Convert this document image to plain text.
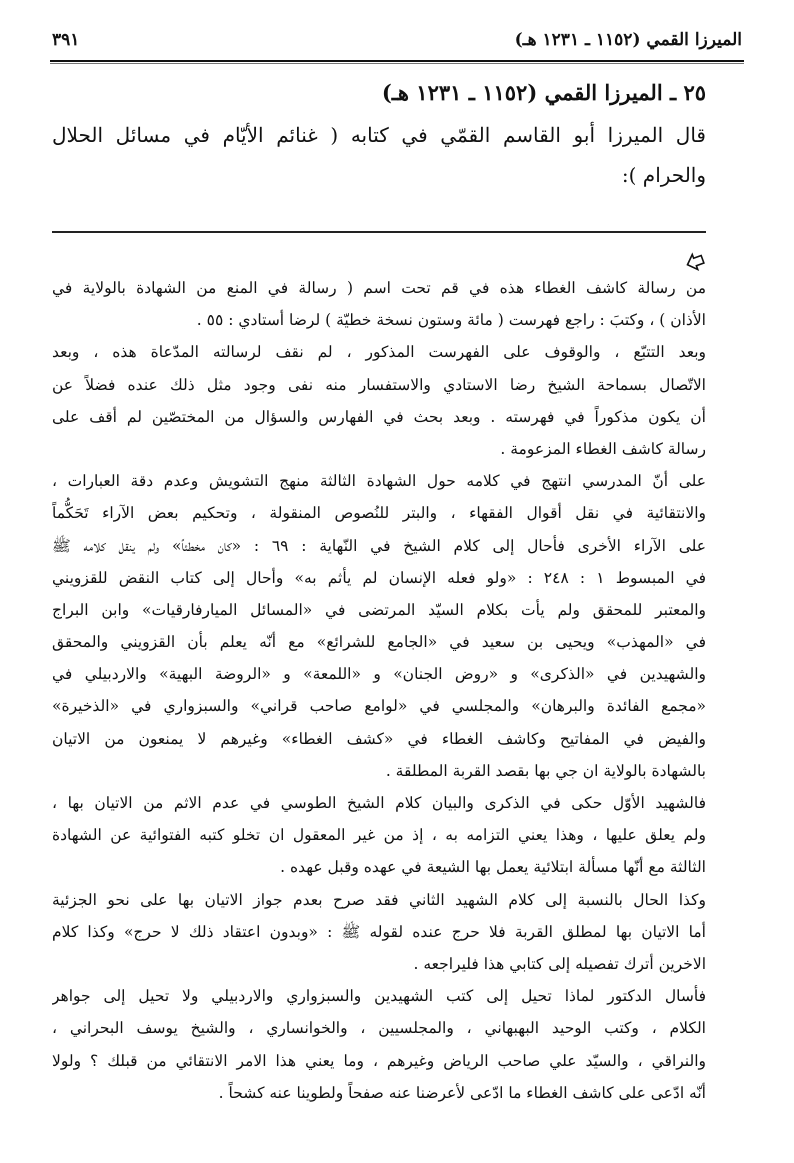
الميرزا القمي (١١٥٢ ـ ١٢٣١ هـ)
٣٩١
٢٥ ـ الميرزا القمي (١١٥٢ ـ ١٢٣١ هـ)
قال الميرزا أبو القاسم القمّي في كتابه ( غنائم الأيّام في مسائل الحلال
والحرام ):
من رسالة كاشف الغطاء هذه في قم تحت اسم ( رسالة في المنع من الشهادة بالولاية في
الأذان ) ، وكتبَ : راجع فهرست ( مائة وستون نسخة خطيّة ) لرضا أستادي : ٥٥ .
وبعد التتبّع ، والوقوف على الفهرست المذكور ، لم نقف لرسالته المدّعاة هذه ، وبعد
الاتّصال بسماحة الشيخ رضا الاستادي والاستفسار منه نفى وجود مثل ذلك عنده فضلاً عن
أن يكون مذكوراً في فهرسته . وبعد بحث في الفهارس والسؤال من المختصّين لم أقف على
رسالة كاشف الغطاء المزعومة .
على أنّ المدرسي انتهج في كلامه حول الشهادة الثالثة منهج التشويش وعدم دقة العبارات ،
والانتقائية في نقل أقوال الفقهاء ، والبتر للنُصوص المنقولة ، وتحكيم بعض الآراء تَحَكُّماً
على الآراء الأخرى فأحال إلى كلام الشيخ في النّهاية : ٦٩ : «كان مخطئاً» ولم ينقل كلامه ﷺ
في المبسوط ١ : ٢٤٨ : «ولو فعله الإنسان لم يأثم به» وأحال إلى كتاب النقض للقزويني
والمعتبر للمحقق ولم يأت بكلام السيّد المرتضى في «المسائل الميارفارقيات» وابن البراج
في «المهذب» ويحيى بن سعيد في «الجامع للشرائع» مع أنّه يعلم بأن القزويني والمحقق
والشهيدين في «الذكرى» و «روض الجنان» و «اللمعة» و «الروضة البهية» والاردبيلي في
«مجمع الفائدة والبرهان» والمجلسي في «لوامع صاحب قراني» والسبزواري في «الذخيرة»
والفيض في المفاتيح وكاشف الغطاء في «كشف الغطاء» وغيرهم لا يمنعون من الاتيان
بالشهادة بالولاية ان جي بها بقصد القربة المطلقة .
فالشهيد الأوّل حكى في الذكرى والبيان كلام الشيخ الطوسي في عدم الاثم من الاتيان بها ،
ولم يعلق عليها ، وهذا يعني التزامه به ، إذ من غير المعقول ان تخلو كتبه الفتوائية عن الشهادة
الثالثة مع أنّها مسألة ابتلائية يعمل بها الشيعة في عهده وقبل عهده .
وكذا الحال بالنسبة إلى كلام الشهيد الثاني فقد صرح بعدم جواز الاتيان بها على نحو الجزئية
أما الاتيان بها لمطلق القربة فلا حرج عنده لقوله ﷺ : «وبدون اعتقاد ذلك لا حرج» وكذا كلام
الاخرين أترك تفصيله إلى كتابي هذا فليراجعه .
فأسال الدكتور لماذا تحيل إلى كتب الشهيدين والسبزواري والاردبيلي ولا تحيل إلى جواهر
الكلام ، وكتب الوحيد البهبهاني ، والمجلسيين ، والخوانساري ، والشيخ يوسف البحراني ،
والنراقي ، والسيّد علي صاحب الرياض وغيرهم ، وما يعني هذا الامر الانتقائي من قبلك ؟ ولولا
أنّه ادّعى على كاشف الغطاء ما ادّعى لأعرضنا عنه صفحاً ولطوينا عنه كشحاً .
